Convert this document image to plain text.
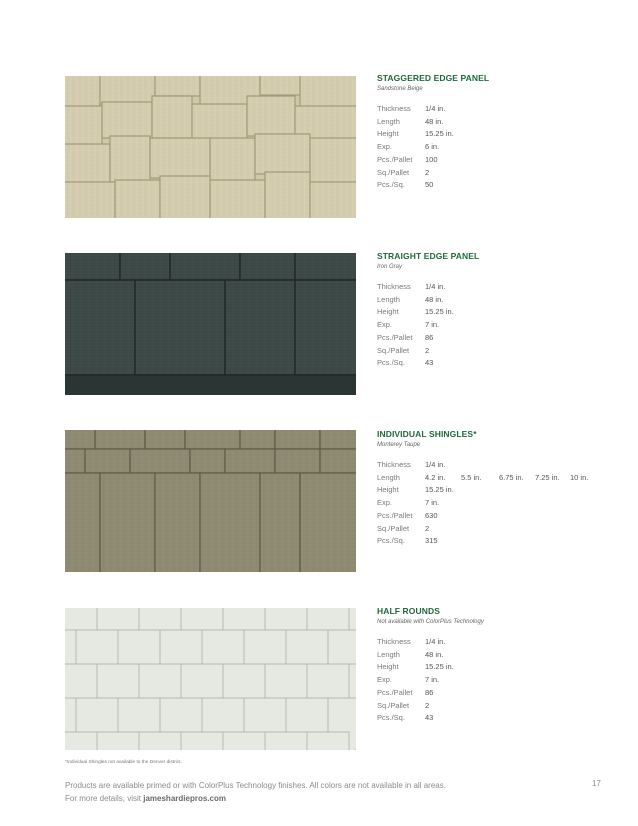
STAGGERED EDGE PANEL
Sandstone Beige
Thickness	1/4 in.
Length	48 in.
Height	15.25 in.
Exp.	6 in.
Pcs./Pallet	100
Sq./Pallet	2
Pcs./Sq.	50
STRAIGHT EDGE PANEL
Iron Gray
Thickness	1/4 in.
Length	48 in.
Height	15.25 in.
Exp.	7 in.
Pcs./Pallet	86
Sq./Pallet	2
Pcs./Sq.	43
INDIVIDUAL SHINGLES*
Monterey Taupe
Thickness	1/4 in.
Length	4.2 in.	5.5 in.	6.75 in.	7.25 in.	10 in.
Height	15.25 in.
Exp.	7 in.
Pcs./Pallet	630
Sq./Pallet	2
Pcs./Sq.	315
HALF ROUNDS
Not available with ColorPlus Technology
Thickness	1/4 in.
Length	48 in.
Height	15.25 in.
Exp.	7 in.
Pcs./Pallet	86
Sq./Pallet	2
Pcs./Sq.	43
*Individual Shingles not available to the Denver district.
Products are available primed or with ColorPlus Technology finishes. All colors are not available in all areas.
For more details, visit jameshardiepros.com
17
